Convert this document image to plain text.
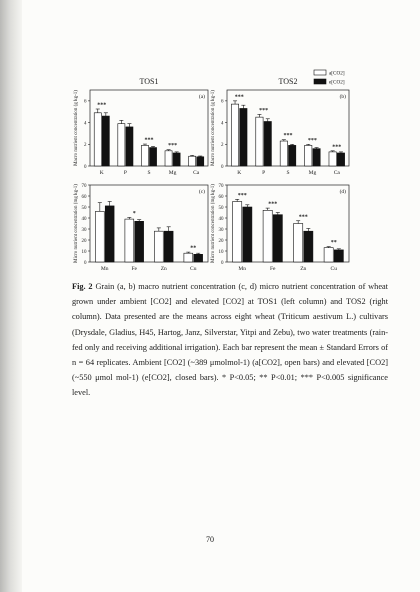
TOS1	TOS2
a[CO2]
e[CO2]
0
2
4
6
Macro nutrient concentration (g kg-1)	(a)
***
K	P
***
S
***
Mg	Ca
0
2
4
6
Macro nutrient concentration (g kg-1)	(b)
***
K
***
P
***
S
***
Mg
***
Ca
0
10
20
30
40
50
60
70
Micro nutrient concentration (mg kg-1)	(c)
Mn
*
Fe	Zn
**
Cu
0
10
20
30
40
50
60
70
Micro nutrient concentration (mg kg-1)	(d)
***
Mn
***
Fe
***
Zn
**
Cu
Fig. 2 Grain (a, b) macro nutrient concentration (c, d) micro nutrient concentration of wheat grown under ambient [CO2] and elevated [CO2] at TOS1 (left column) and TOS2 (right column). Data presented are the means across eight wheat (Triticum aestivum L.) cultivars (Drysdale, Gladius, H45, Hartog, Janz, Silverstar, Yitpi and Zebu), two water treatments (rain-fed only and receiving additional irrigation). Each bar represent the mean ± Standard Errors of n = 64 replicates. Ambient [CO2] (~389 μmolmol-1) (a[CO2], open bars) and elevated [CO2] (~550 μmol mol-1) (e[CO2], closed bars). * P<0.05; ** P<0.01; *** P<0.005 significance level.
70
